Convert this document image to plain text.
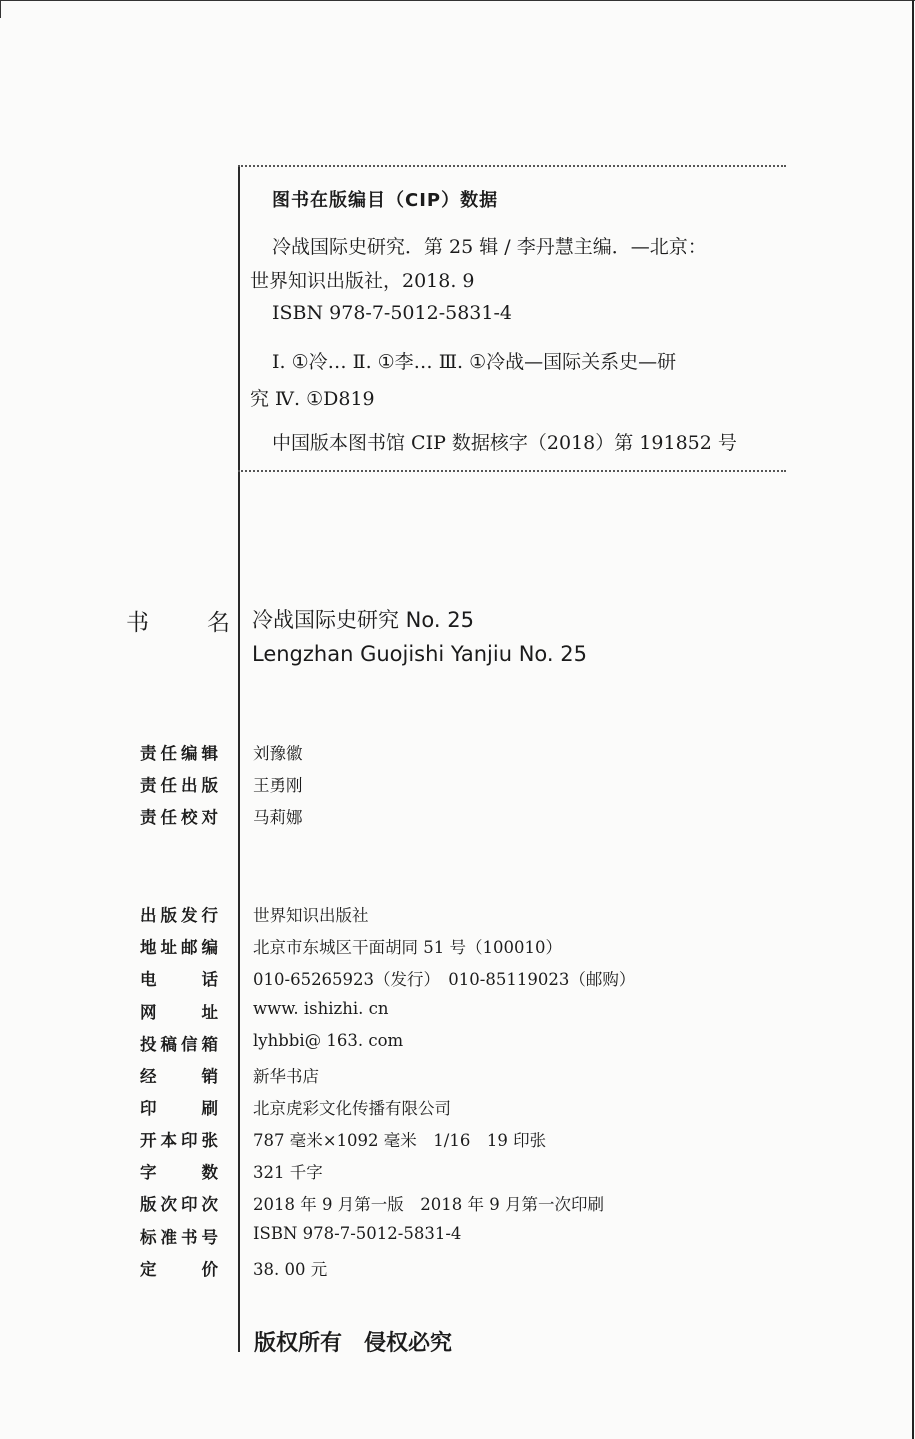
图书在版编目（CIP）数据
冷战国际史研究．第 25 辑 / 李丹慧主编．—北京：
世界知识出版社，2018. 9
ISBN 978-7-5012-5831-4
Ⅰ. ①冷… Ⅱ. ①李… Ⅲ. ①冷战—国际关系史—研
究 Ⅳ. ①D819
中国版本图书馆 CIP 数据核字（2018）第 191852 号
书名 冷战国际史研究 No. 25
Lengzhan Guojishi Yanjiu No. 25
责任编辑 刘豫徽
责任出版 王勇刚
责任校对 马莉娜
出版发行 世界知识出版社
地址邮编 北京市东城区干面胡同 51 号（100010）
电话 010-65265923（发行）　010-85119023（邮购）
网址 www. ishizhi. cn
投稿信箱 lyhbbi@ 163. com
经销 新华书店
印刷 北京虎彩文化传播有限公司
开本印张 787 毫米×1092 毫米　1/16　19 印张
字数 321 千字
版次印次 2018 年 9 月第一版　2018 年 9 月第一次印刷
标准书号 ISBN 978-7-5012-5831-4
定价 38. 00 元
版权所有　侵权必究
